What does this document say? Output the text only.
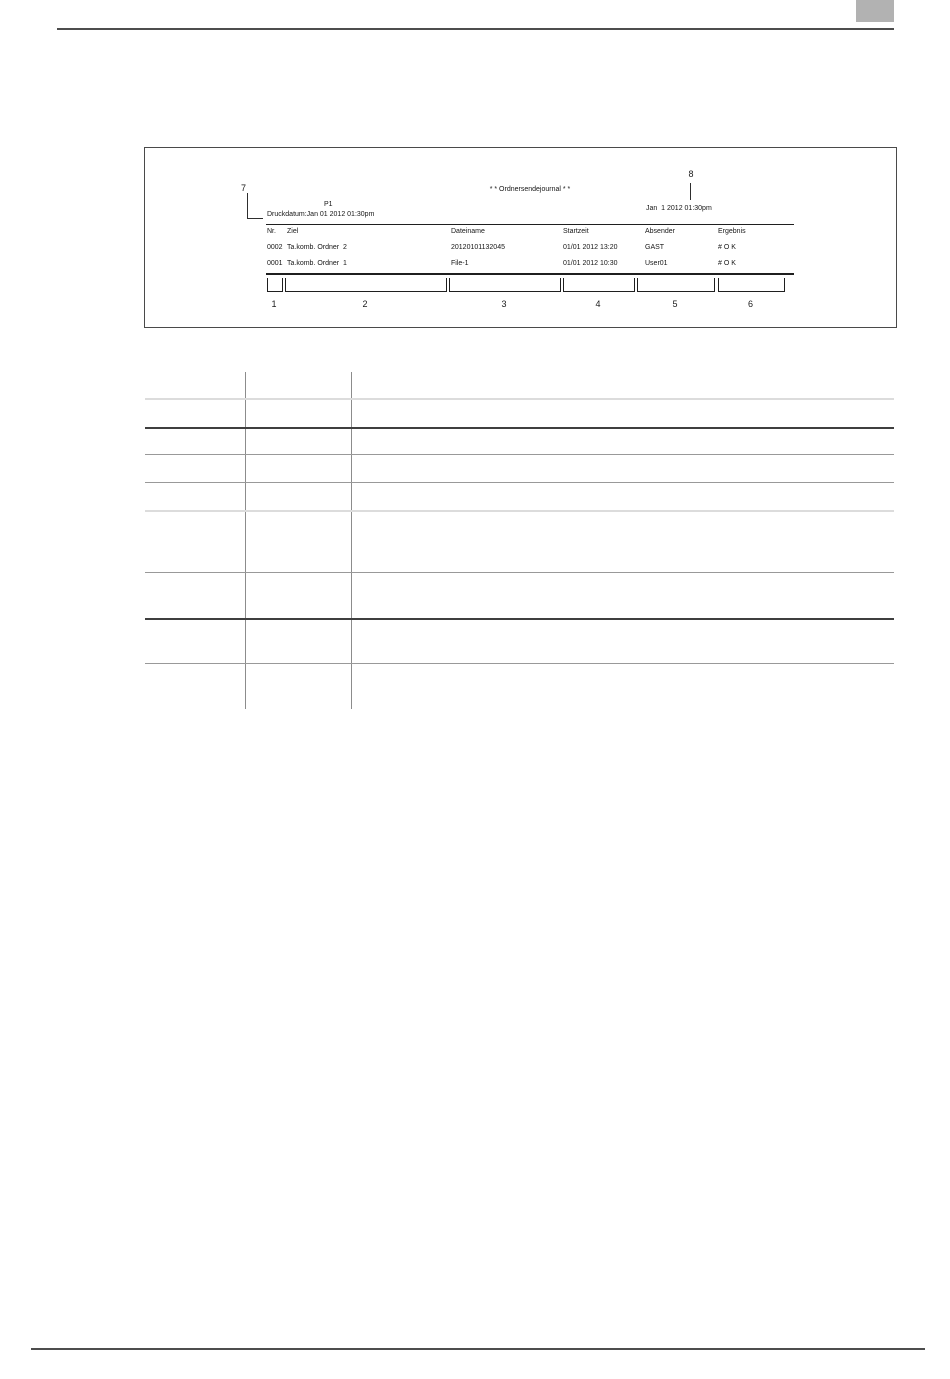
7	* * Ordnersendejournal * *
8
P1
Druckdatum:Jan 01 2012 01:30pm
Jan  1 2012 01:30pm
Nr. Ziel	Dateiname	Startzeit	Absender	Ergebnis
0002 Ta.komb. Ordner  2	20120101132045	01/01 2012 13:20	GAST	# O K
0001 Ta.komb. Ordner  1	File-1	01/01 2012 10:30	User01	# O K
1	2	3	4	5	6
